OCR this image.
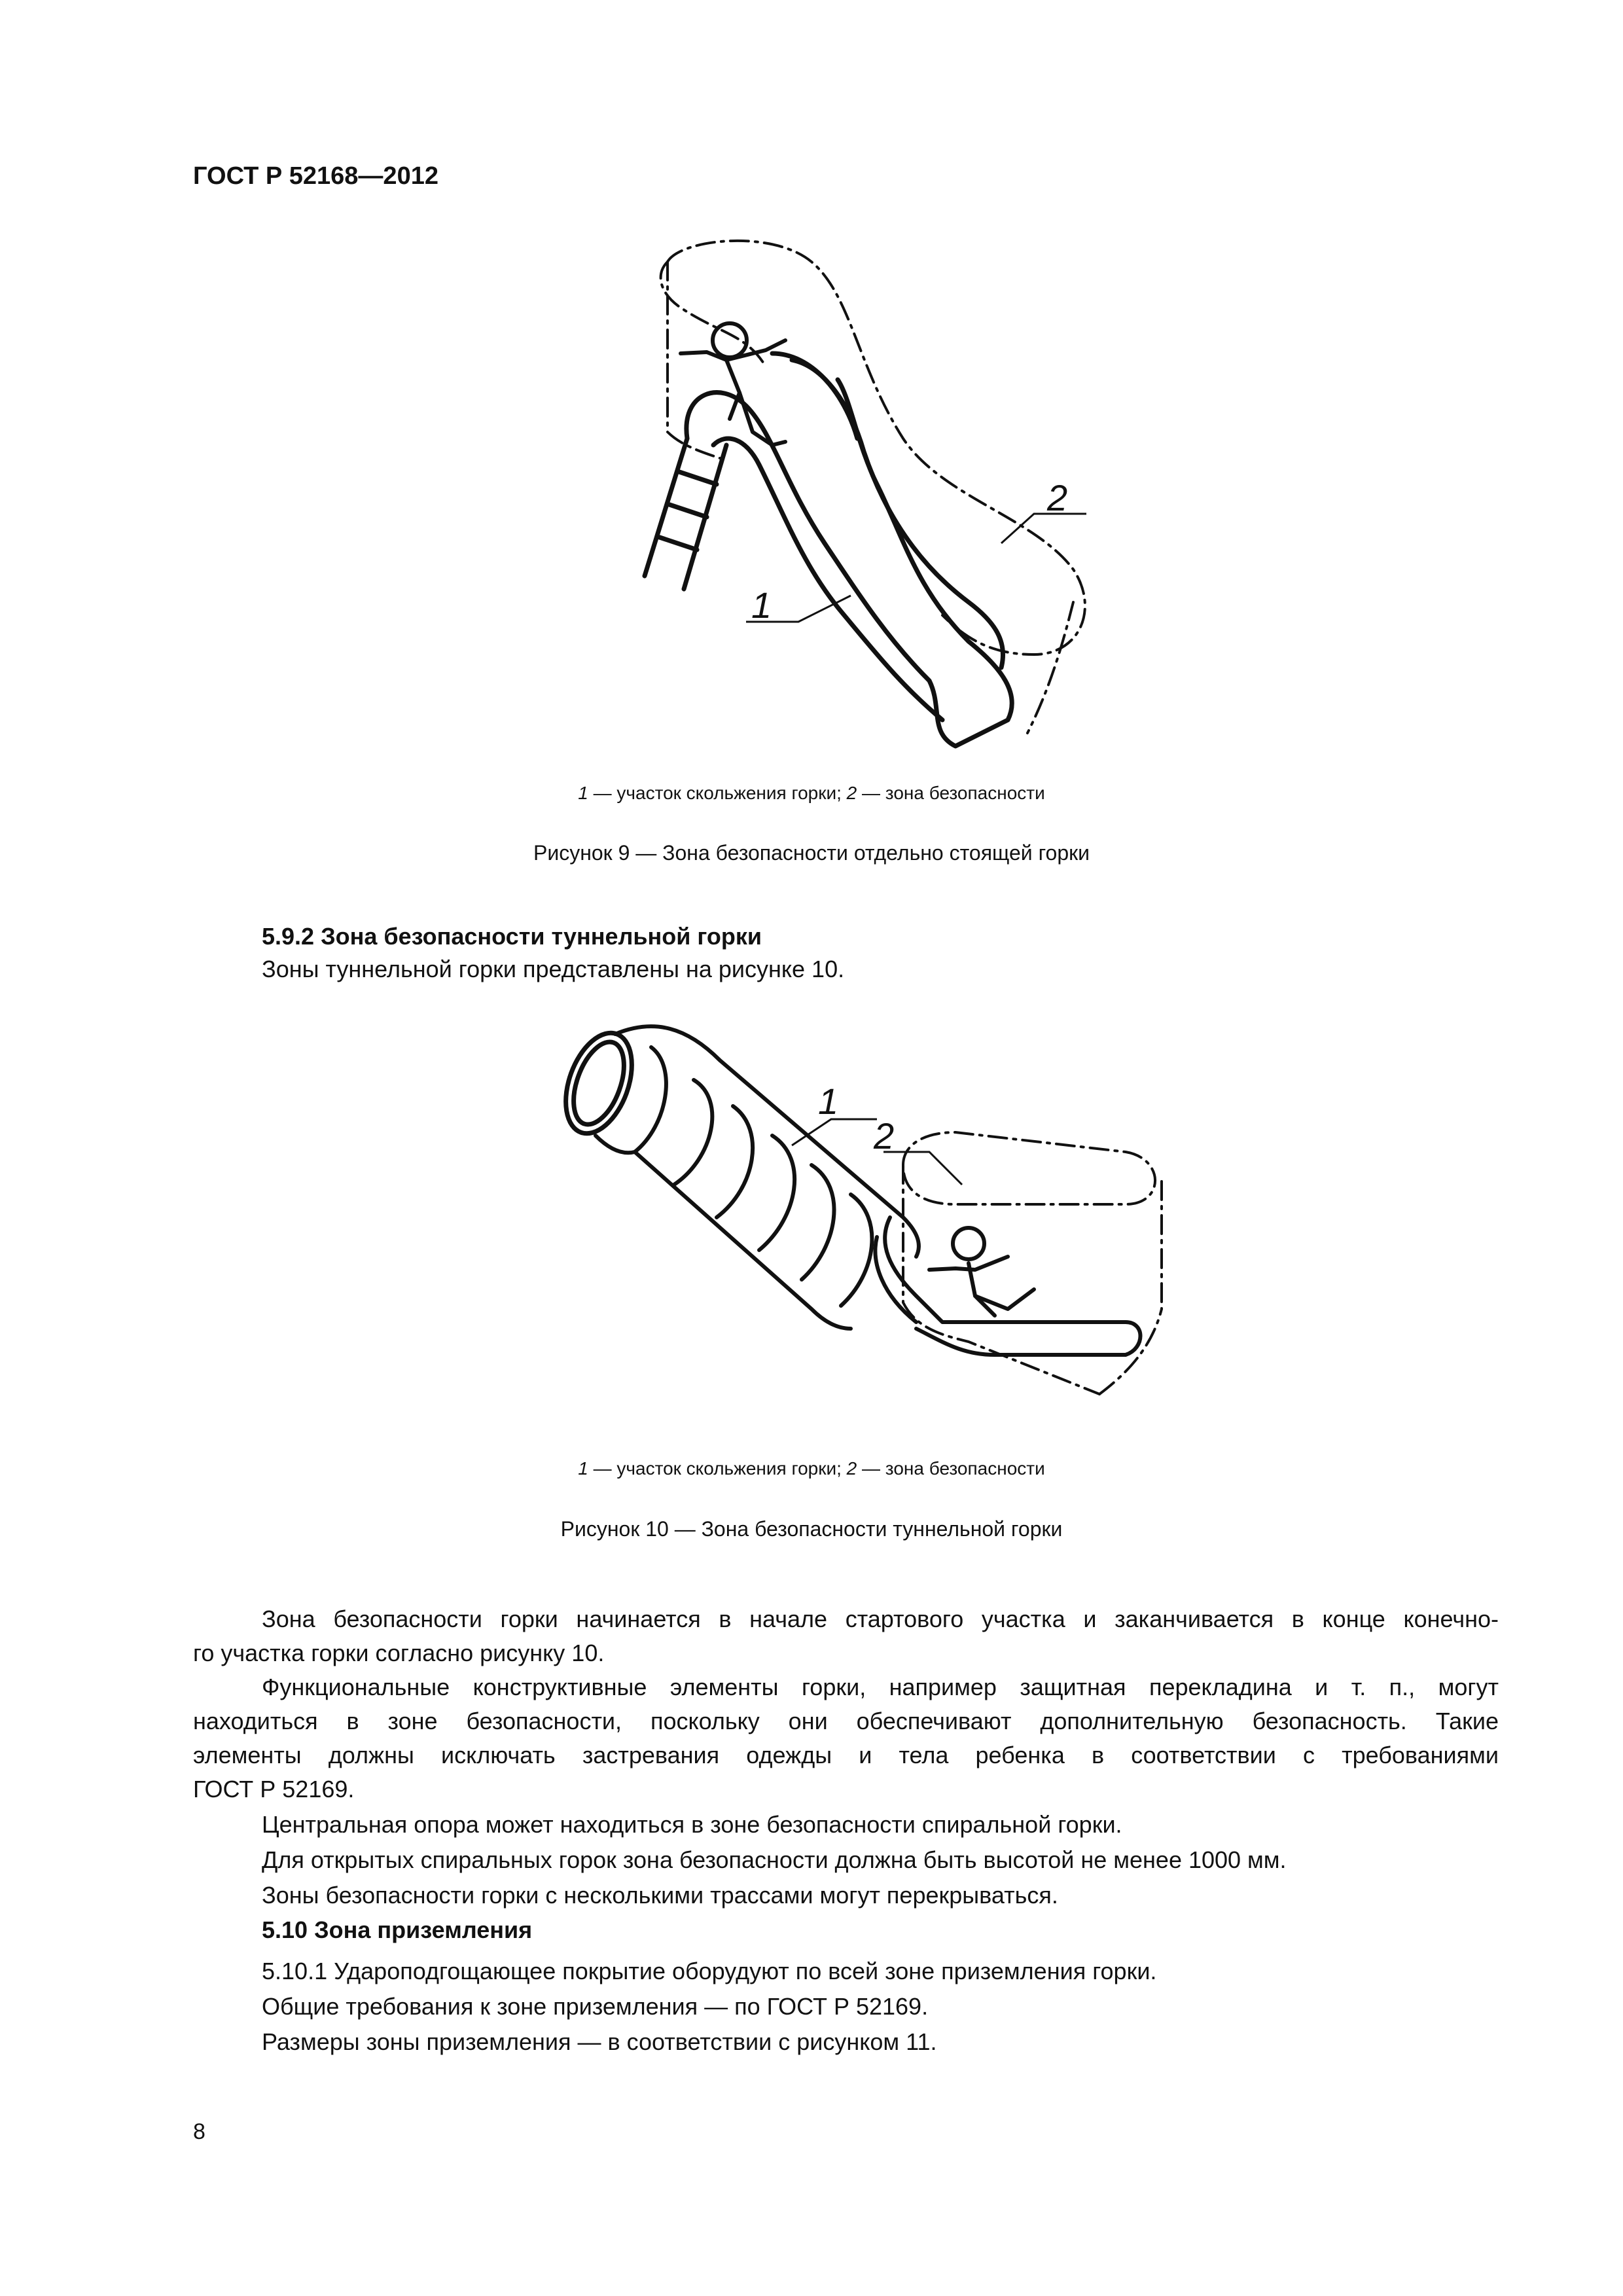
ГОСТ Р 52168—2012
2
1
1 — участок скольжения горки; 2 — зона безопасности
Рисунок 9 — Зона безопасности отдельно стоящей горки
5.9.2 Зона безопасности туннельной горки
Зоны туннельной горки представлены на рисунке 10.
1
2
1 — участок скольжения горки; 2 — зона безопасности
Рисунок 10 — Зона безопасности туннельной горки
Зона безопасности горки начинается в начале стартового участка и заканчивается в конце конечно-
го участка горки согласно рисунку 10.
Функциональные конструктивные элементы горки, например защитная перекладина и т. п., могут
находиться в зоне безопасности, поскольку они обеспечивают дополнительную безопасность. Такие
элементы должны исключать застревания одежды и тела ребенка в соответствии с требованиями
ГОСТ Р 52169.
Центральная опора может находиться в зоне безопасности спиральной горки.
Для открытых спиральных горок зона безопасности должна быть высотой не менее 1000 мм.
Зоны безопасности горки с несколькими трассами могут перекрываться.
5.10 Зона приземления
5.10.1 Удароподгощающее покрытие оборудуют по всей зоне приземления горки.
Общие требования к зоне приземления — по ГОСТ Р 52169.
Размеры зоны приземления — в соответствии с рисунком 11.
8
